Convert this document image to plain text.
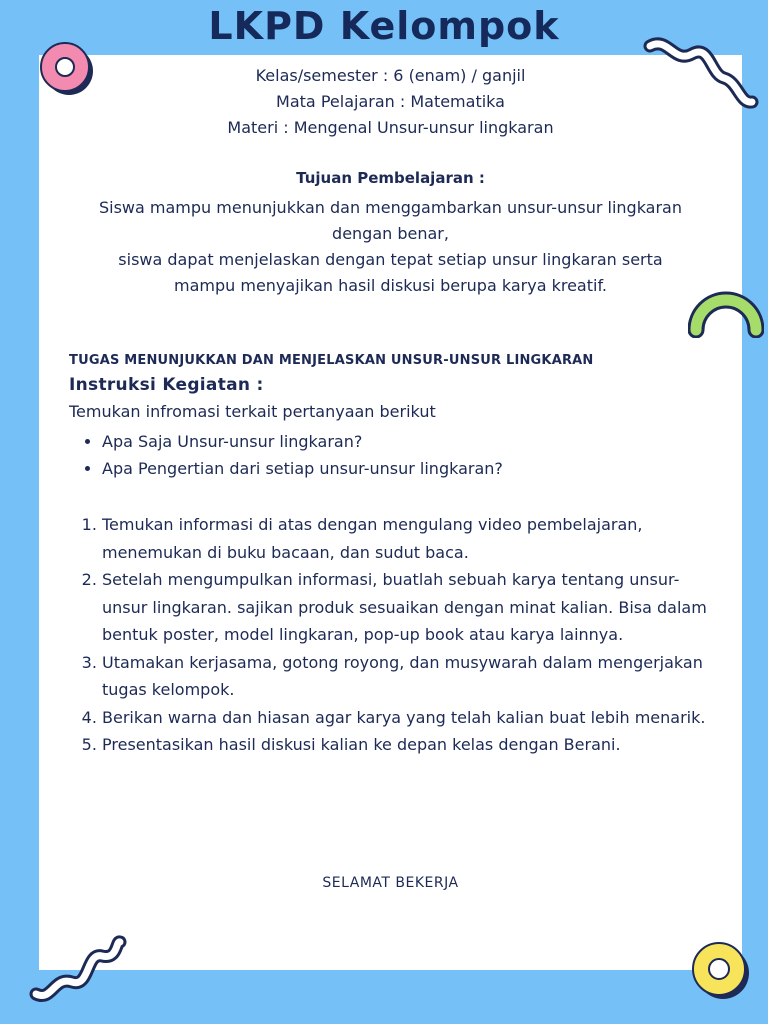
LKPD Kelompok
Kelas/semester : 6 (enam) / ganjil
Mata Pelajaran : Matematika
Materi : Mengenal Unsur-unsur lingkaran
Tujuan Pembelajaran :
Siswa mampu menunjukkan dan menggambarkan unsur-unsur lingkaran
dengan benar,
siswa dapat menjelaskan dengan tepat setiap unsur lingkaran serta
mampu menyajikan hasil diskusi berupa karya kreatif.
TUGAS MENUNJUKKAN DAN MENJELASKAN UNSUR-UNSUR LINGKARAN
Instruksi Kegiatan :
Temukan infromasi terkait pertanyaan berikut
• Apa Saja Unsur-unsur lingkaran?
• Apa Pengertian dari setiap unsur-unsur lingkaran?
1. Temukan informasi di atas dengan mengulang video pembelajaran, menemukan di buku bacaan, dan sudut baca.
2. Setelah mengumpulkan informasi, buatlah sebuah karya tentang unsur-unsur lingkaran. sajikan produk sesuaikan dengan minat kalian. Bisa dalam bentuk poster, model lingkaran, pop-up book atau karya lainnya.
3. Utamakan kerjasama, gotong royong, dan musywarah dalam mengerjakan tugas kelompok.
4. Berikan warna dan hiasan agar karya yang telah kalian buat lebih menarik.
5. Presentasikan hasil diskusi kalian ke depan kelas dengan Berani.
SELAMAT BEKERJA
